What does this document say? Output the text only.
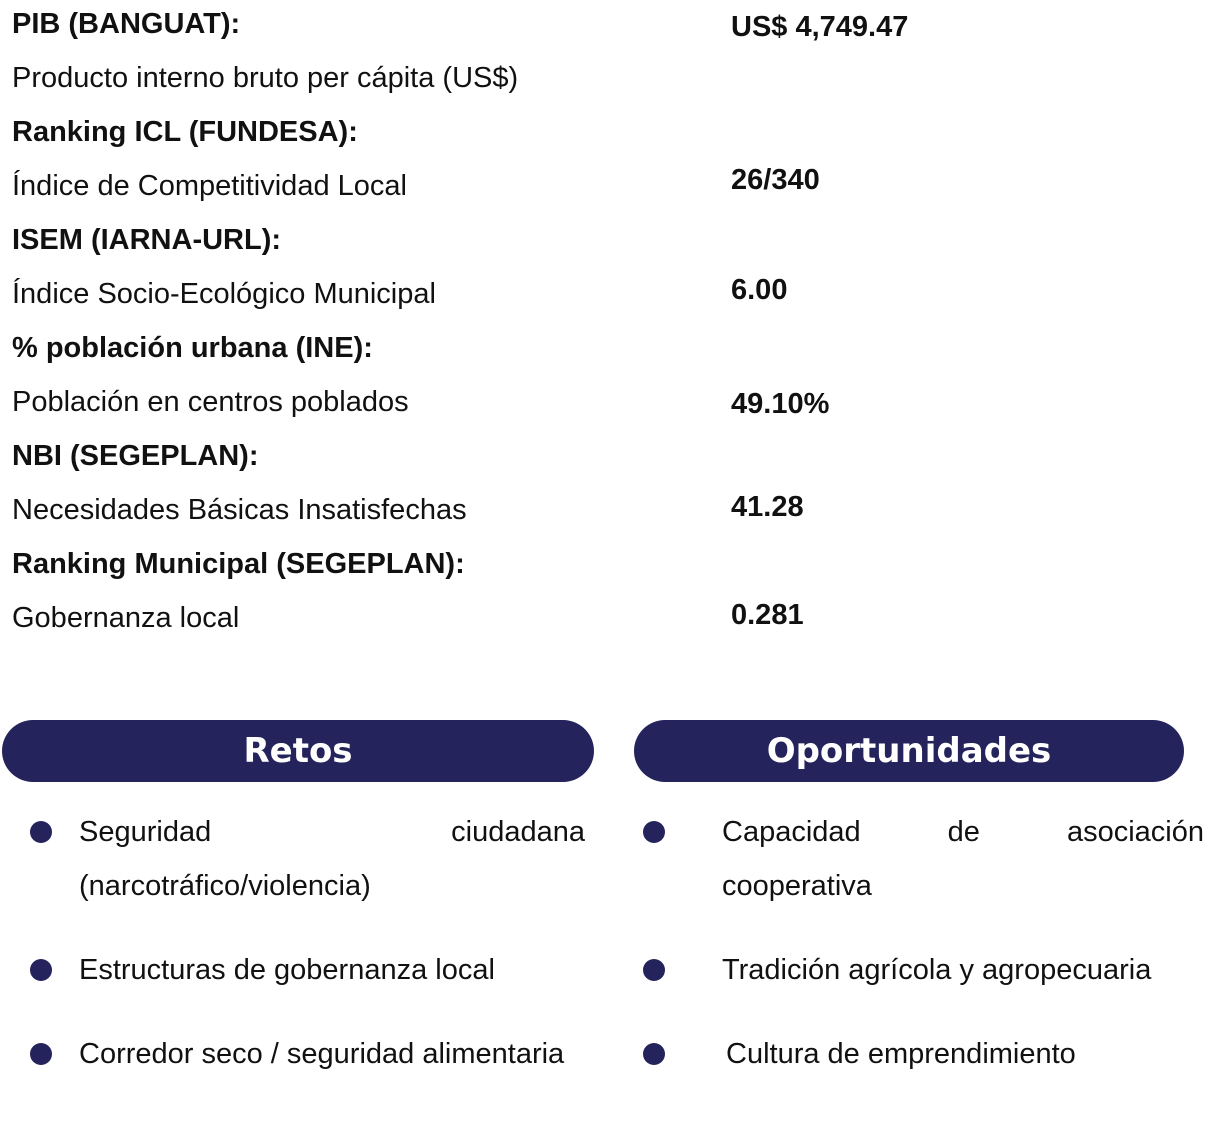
PIB (BANGUAT):	US$ 4,749.47
Producto interno bruto per cápita (US$)
Ranking ICL (FUNDESA):
Índice de Competitividad Local	26/340
ISEM (IARNA-URL):
Índice Socio-Ecológico Municipal	6.00
% población urbana (INE):
Población en centros poblados	49.10%
NBI (SEGEPLAN):
Necesidades Básicas Insatisfechas	41.28
Ranking Municipal (SEGEPLAN):
Gobernanza local	0.281
Retos
Seguridad ciudadana (narcotráfico/violencia)
Estructuras de gobernanza local
Corredor seco / seguridad alimentaria
Oportunidades
Capacidad de asociación cooperativa
Tradición agrícola y agropecuaria
Cultura de emprendimiento
